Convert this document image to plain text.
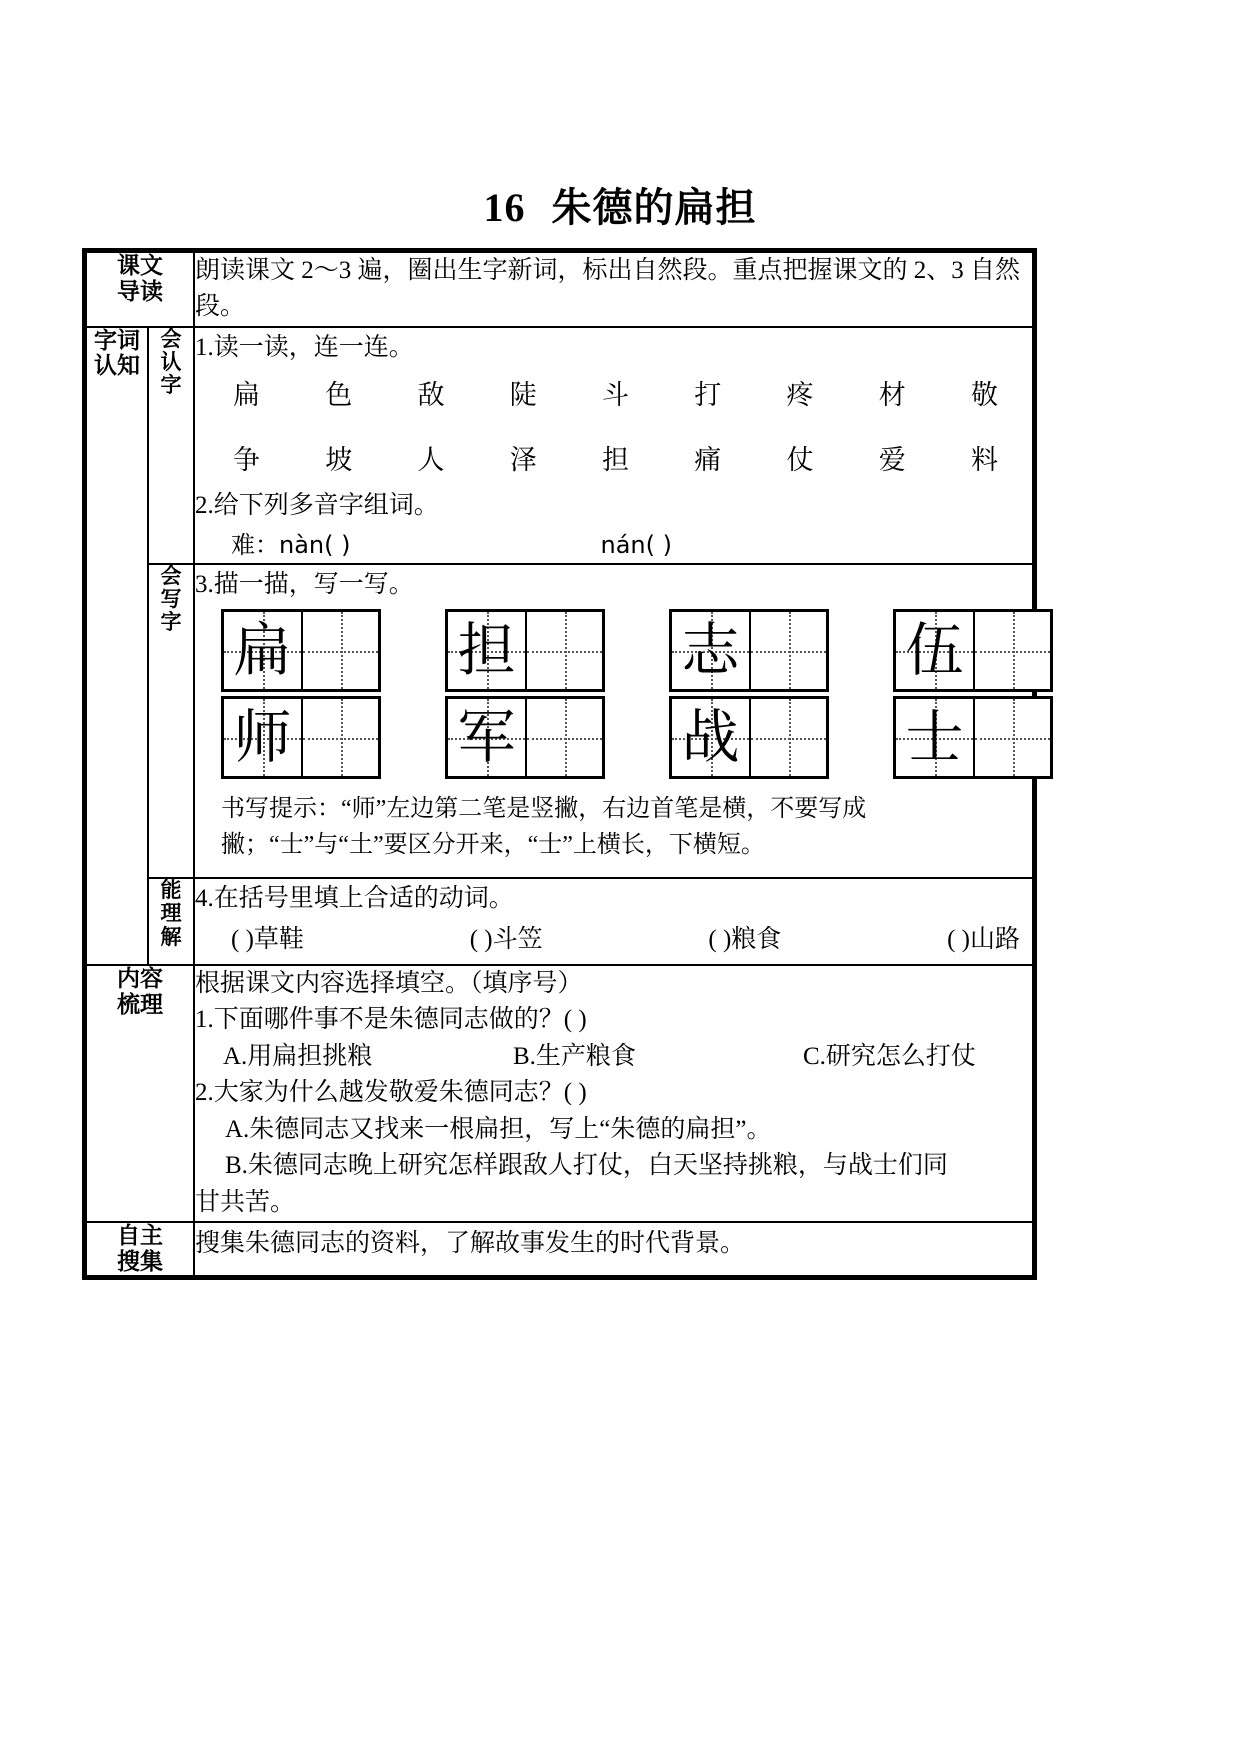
16 朱德的扁担
课文
导读		朗读课文 2～3 遍，圈出生字新词，标出自然段。重点把握课文的 2、3 自然段。

字词 认知	
会
认
字

1.读一读，连一连。
扁 色 敌 陡 斗 打 疼 材 敬
争 坡 人 泽 担 痛 仗 爱 料
2.给下列多音字组词。
难：nàn( )	nán( )

会
写
字

3.描一描，写一写。
扁	担	志	伍
师	军	战	士
书写提示：“师”左边第二笔是竖撇，右边首笔是横，不要写成
撇；“士”与“土”要区分开来，“士”上横长，下横短。

能
理
解

4.在括号里填上合适的动词。
( )草鞋	( )斗笠	( )粮食	( )山路

内容
梳理

根据课文内容选择填空。（填序号）
1.下面哪件事不是朱德同志做的？( )
A.用扁担挑粮	B.生产粮食	C.研究怎么打仗
2.大家为什么越发敬爱朱德同志？( )
A.朱德同志又找来一根扁担，写上“朱德的扁担”。
B.朱德同志晚上研究怎样跟敌人打仗，白天坚持挑粮，与战士们同
甘共苦。

自主
搜集		搜集朱德同志的资料，了解故事发生的时代背景。
